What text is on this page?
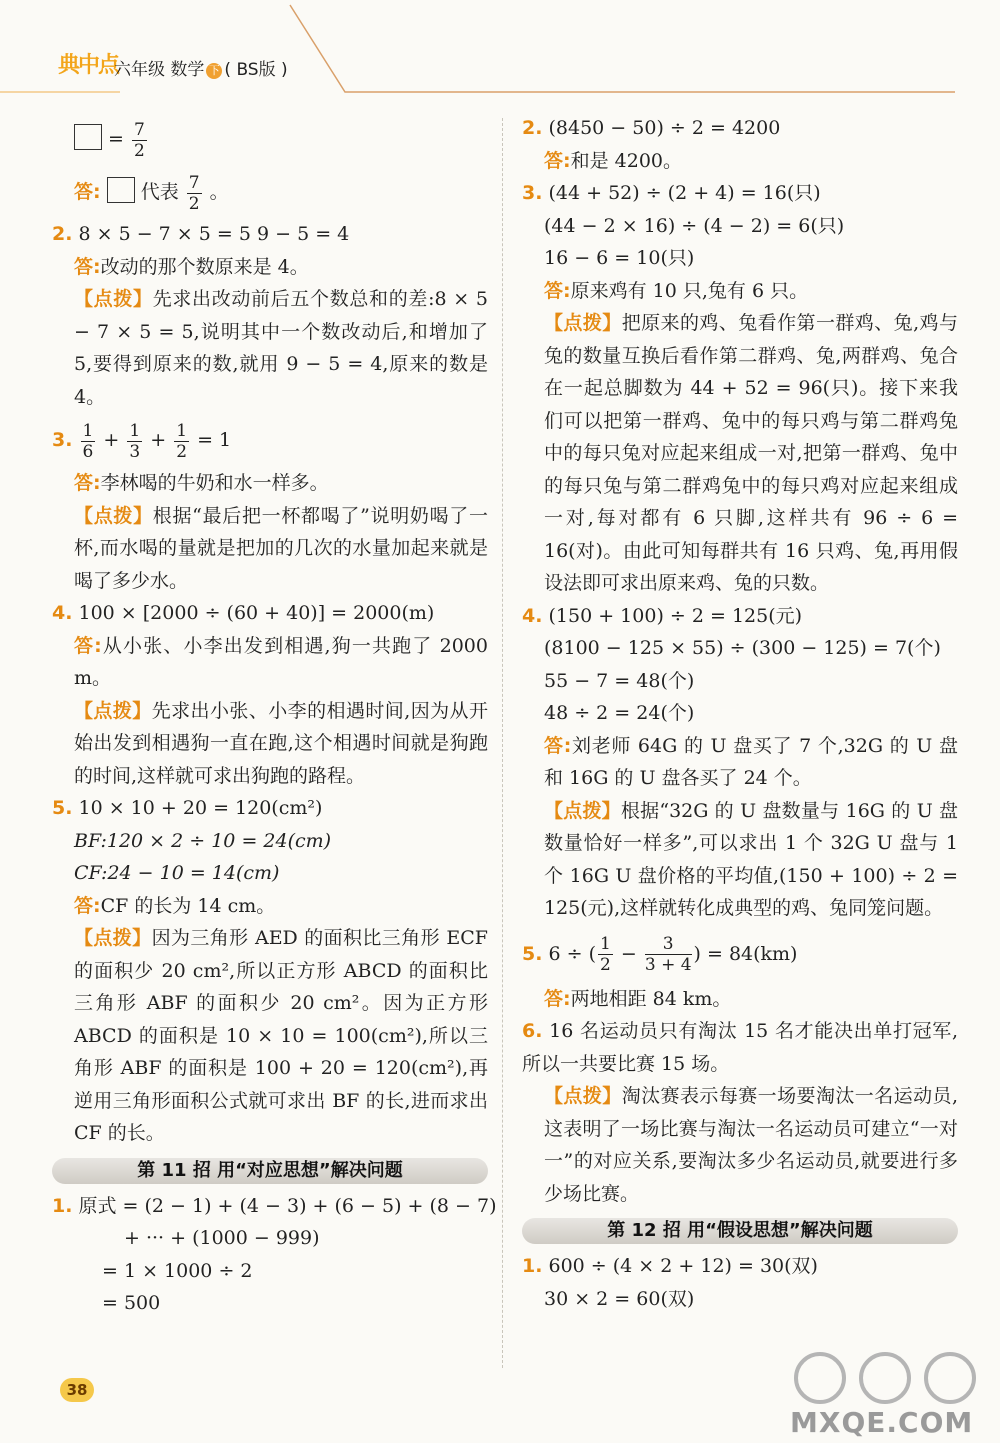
典中点
六年级 数学 下 ( BS版 )
= $\frac{7}{2}$
答: 代表 $\frac{7}{2}$ 。
2. 8 × 5 − 7 × 5 = 5 9 − 5 = 4
答:改动的那个数原来是 4。
【点拨】先求出改动前后五个数总和的差:8 × 5 − 7 × 5 = 5,说明其中一个数改动后,和增加了 5,要得到原来的数,就用 9 − 5 = 4,原来的数是 4。
3. $\frac{1}{6} + \frac{1}{3} + \frac{1}{2} = 1$
答:李林喝的牛奶和水一样多。
【点拨】根据“最后把一杯都喝了”说明奶喝了一杯,而水喝的量就是把加的几次的水量加起来就是喝了多少水。
4. 100 × [2000 ÷ (60 + 40)] = 2000(m)
答:从小张、小李出发到相遇,狗一共跑了 2000 m。
【点拨】先求出小张、小李的相遇时间,因为从开始出发到相遇狗一直在跑,这个相遇时间就是狗跑的时间,这样就可求出狗跑的路程。
5. 10 × 10 + 20 = 120(cm²)
BF:120 × 2 ÷ 10 = 24(cm)
CF:24 − 10 = 14(cm)
答:CF 的长为 14 cm。
【点拨】因为三角形 AED 的面积比三角形 ECF 的面积少 20 cm²,所以正方形 ABCD 的面积比三角形 ABF 的面积少 20 cm²。因为正方形 ABCD 的面积是 10 × 10 = 100(cm²),所以三角形 ABF 的面积是 100 + 20 = 120(cm²),再逆用三角形面积公式就可求出 BF 的长,进而求出 CF 的长。
第 11 招 用“对应思想”解决问题
1. 原式 = (2 − 1) + (4 − 3) + (6 − 5) + (8 − 7)
+ ··· + (1000 − 999)
= 1 × 1000 ÷ 2
= 500
2. (8450 − 50) ÷ 2 = 4200
答:和是 4200。
3. (44 + 52) ÷ (2 + 4) = 16(只)
(44 − 2 × 16) ÷ (4 − 2) = 6(只)
16 − 6 = 10(只)
答:原来鸡有 10 只,兔有 6 只。
【点拨】把原来的鸡、兔看作第一群鸡、兔,鸡与兔的数量互换后看作第二群鸡、兔,两群鸡、兔合在一起总脚数为 44 + 52 = 96(只)。接下来我们可以把第一群鸡、兔中的每只鸡与第二群鸡兔中的每只兔对应起来组成一对,把第一群鸡、兔中的每只兔与第二群鸡兔中的每只鸡对应起来组成一对,每对都有 6 只脚,这样共有 96 ÷ 6 = 16(对)。由此可知每群共有 16 只鸡、兔,再用假设法即可求出原来鸡、兔的只数。
4. (150 + 100) ÷ 2 = 125(元)
(8100 − 125 × 55) ÷ (300 − 125) = 7(个)
55 − 7 = 48(个)
48 ÷ 2 = 24(个)
答:刘老师 64G 的 U 盘买了 7 个,32G 的 U 盘和 16G 的 U 盘各买了 24 个。
【点拨】根据“32G 的 U 盘数量与 16G 的 U 盘数量恰好一样多”,可以求出 1 个 32G U 盘与 1 个 16G U 盘价格的平均值,(150 + 100) ÷ 2 = 125(元),这样就转化成典型的鸡、兔同笼问题。
5. 6 ÷ ( $\frac{1}{2} - \frac{3}{3 + 4}$ ) = 84(km)
答:两地相距 84 km。
6. 16 名运动员只有淘汰 15 名才能决出单打冠军,所以一共要比赛 15 场。
【点拨】淘汰赛表示每赛一场要淘汰一名运动员,这表明了一场比赛与淘汰一名运动员可建立“一对一”的对应关系,要淘汰多少名运动员,就要进行多少场比赛。
第 12 招 用“假设思想”解决问题
1. 600 ÷ (4 × 2 + 12) = 30(双)
30 × 2 = 60(双)
38
MXQE.COM
